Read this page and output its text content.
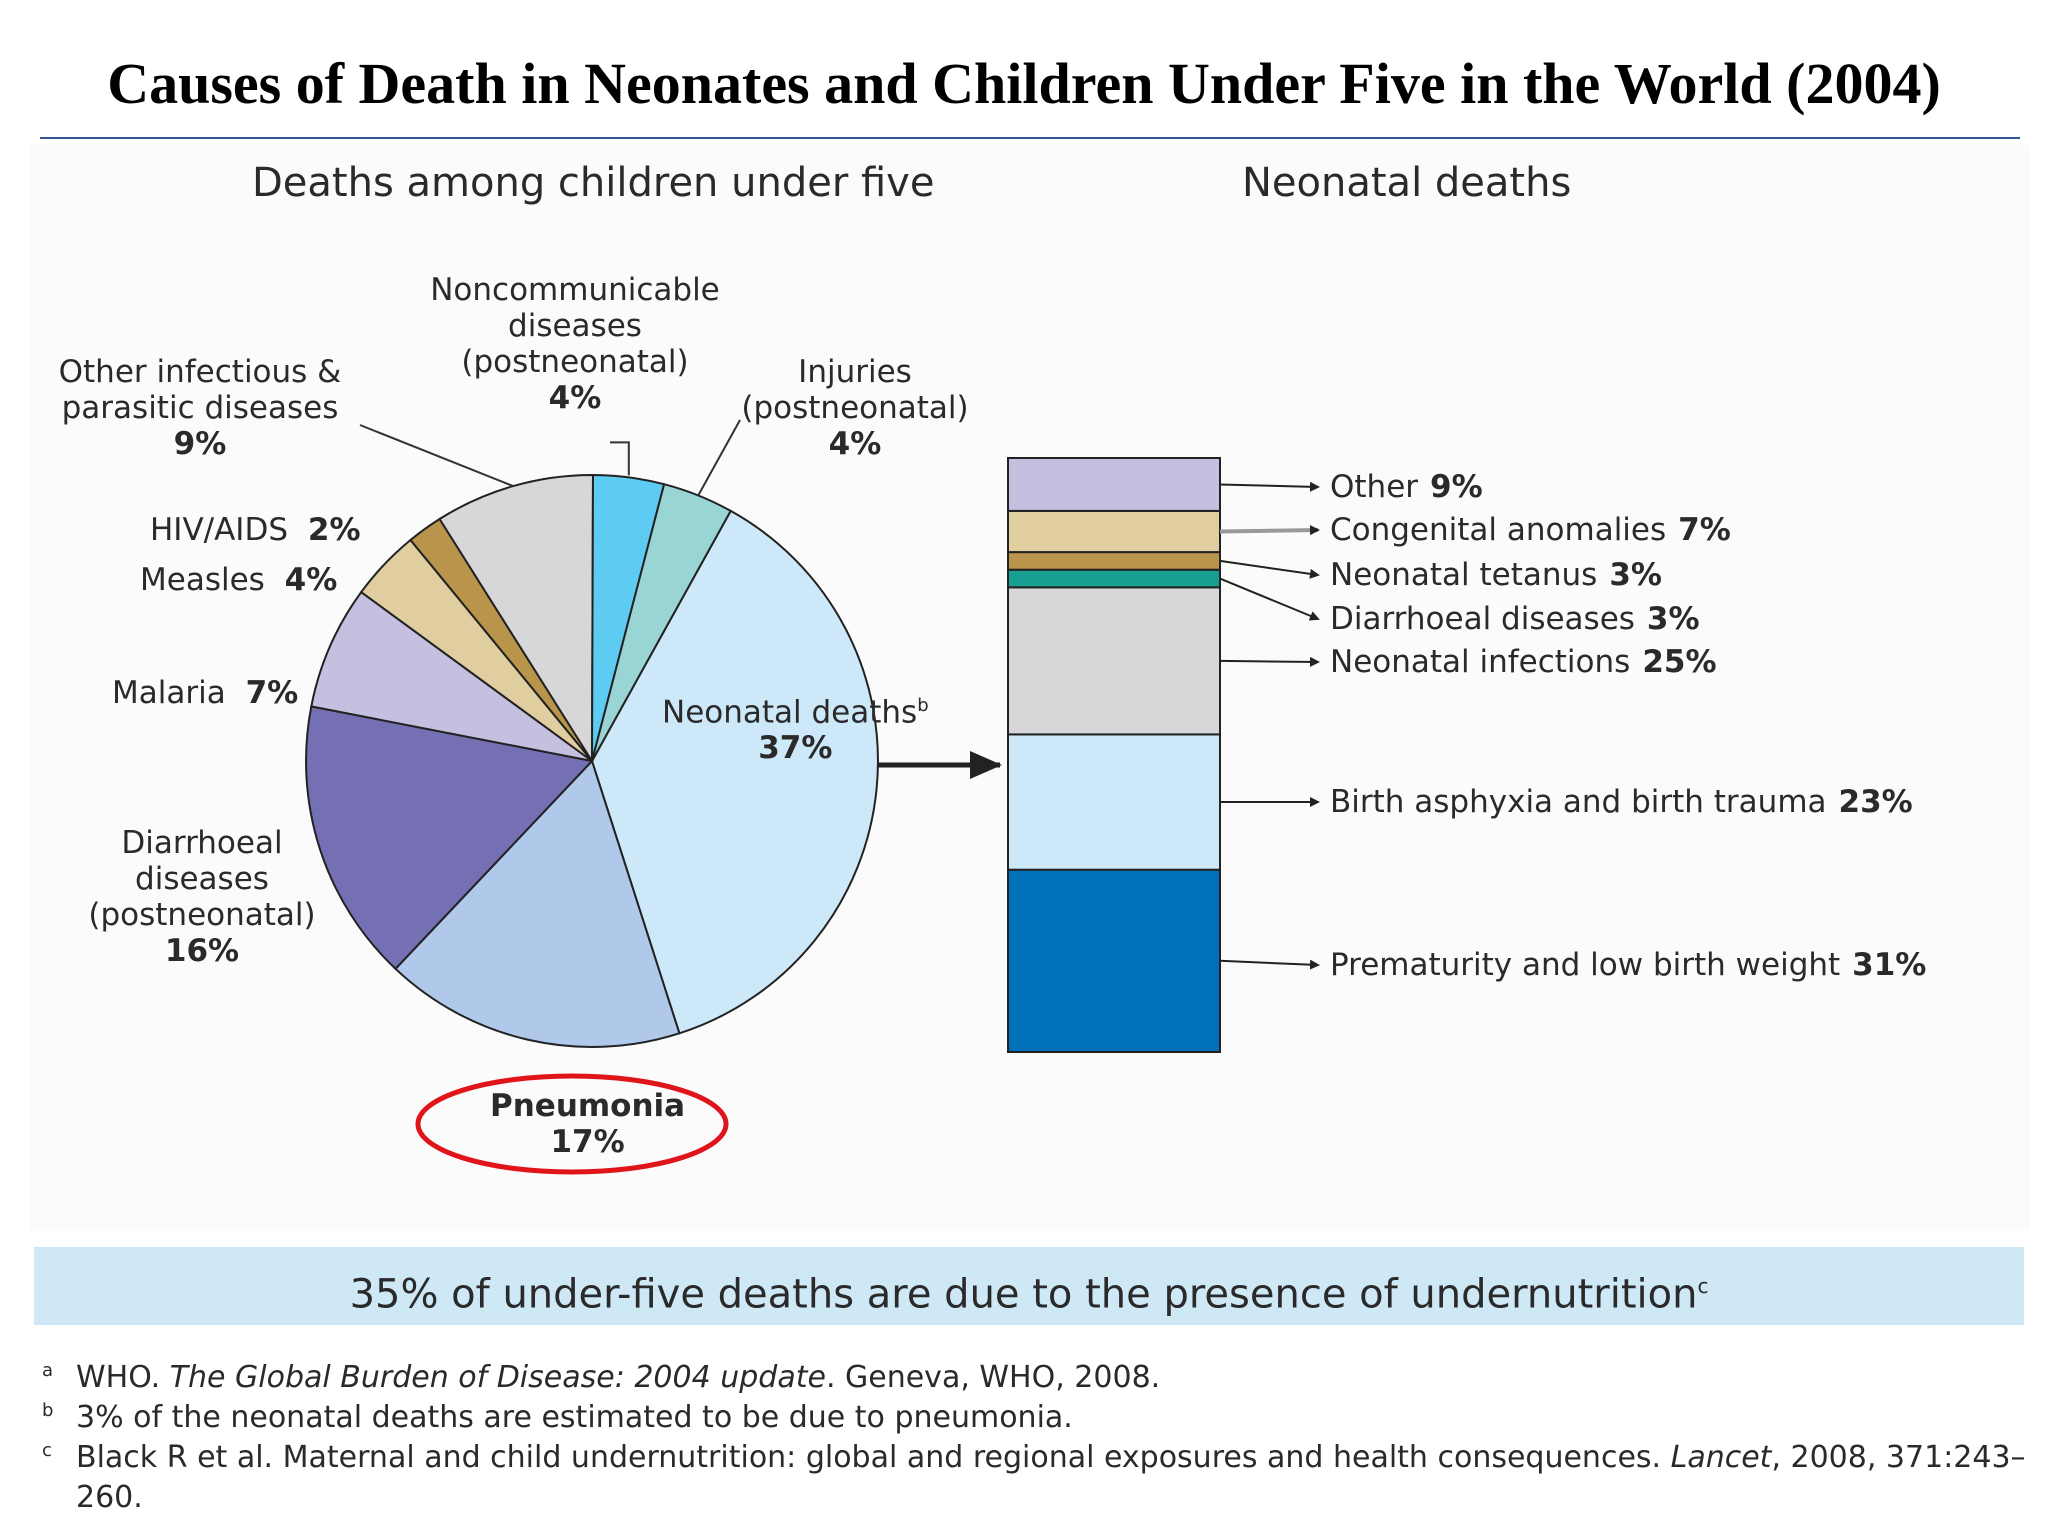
Causes of Death in Neonates and Children Under Five in the World (2004)
Deaths among children under five	Neonatal deaths
Neonatal deaths$^b$
37%
Pneumonia
17%
Diarrhoeal diseases (postneonatal)
16%
Malaria 7%
Measles 4%
HIV/AIDS 2%
Other infectious & parasitic diseases
9%
Noncommunicable diseases (postneonatal)
4%
Injuries (postneonatal)
4%
Prematurity and low birth weight 31%
Birth asphyxia and birth trauma 23%
Neonatal infections 25%
Diarrhoeal diseases 3%
Neonatal tetanus 3%
Congenital anomalies 7%
Other 9%
35% of under-five deaths are due to the presence of undernutrition$^c$
a WHO. The Global Burden of Disease: 2004 update. Geneva, WHO, 2008.
b 3% of the neonatal deaths are estimated to be due to pneumonia.
c Black R et al. Maternal and child undernutrition: global and regional exposures and health consequences. Lancet, 2008, 371:243–
260.
